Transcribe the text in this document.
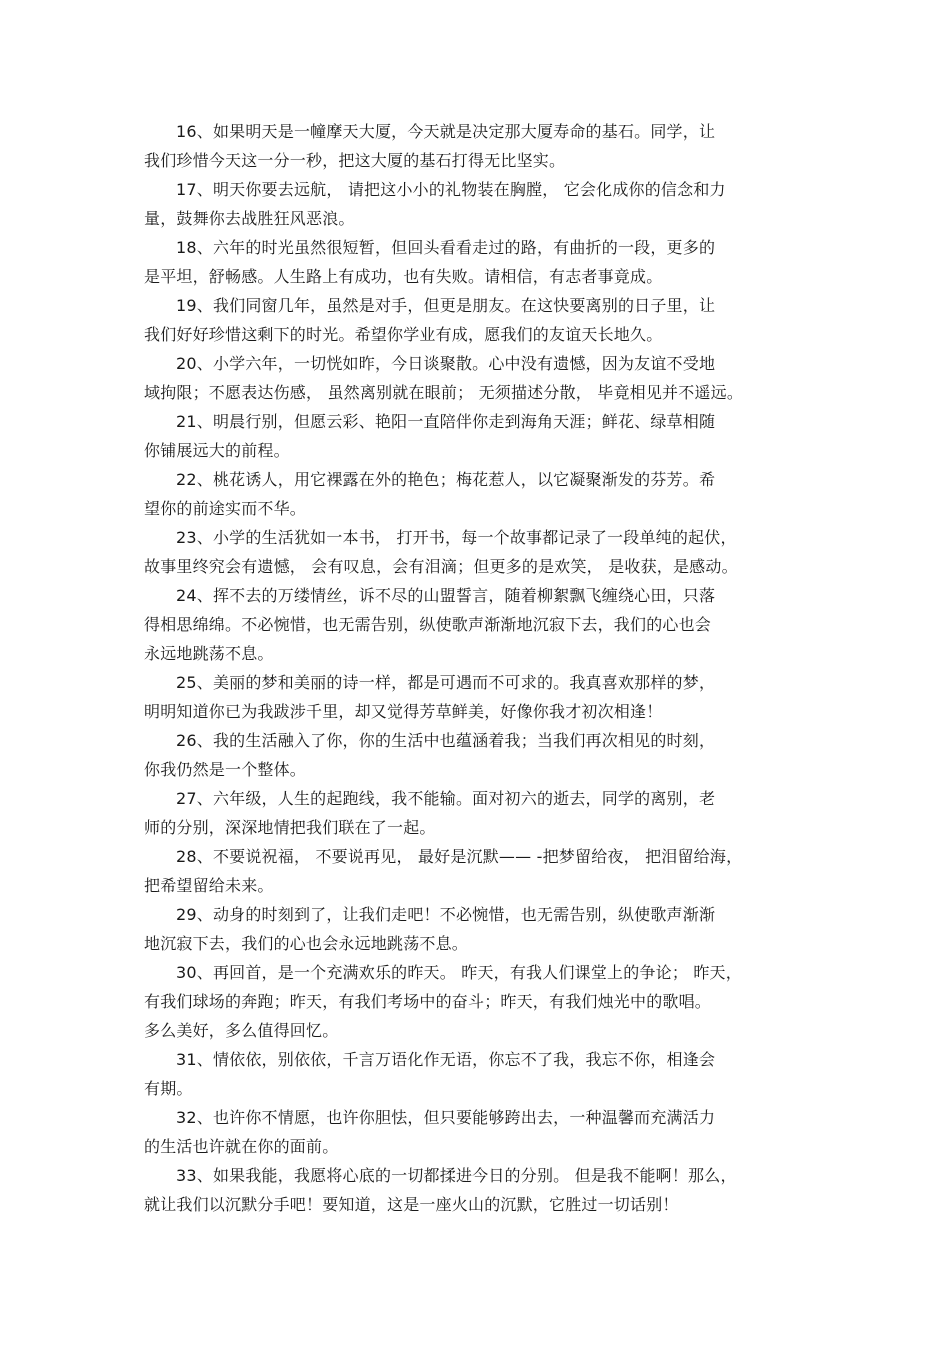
16、如果明天是一幢摩天大厦，今天就是决定那大厦寿命的基石。同学，让
我们珍惜今天这一分一秒，把这大厦的基石打得无比坚实。
17、明天你要去远航， 请把这小小的礼物装在胸膛， 它会化成你的信念和力
量，鼓舞你去战胜狂风恶浪。
18、六年的时光虽然很短暂，但回头看看走过的路，有曲折的一段，更多的
是平坦，舒畅感。人生路上有成功，也有失败。请相信，有志者事竟成。
19、我们同窗几年，虽然是对手，但更是朋友。在这快要离别的日子里，让
我们好好珍惜这剩下的时光。希望你学业有成，愿我们的友谊天长地久。
20、小学六年，一切恍如昨，今日谈聚散。心中没有遗憾，因为友谊不受地
域拘限；不愿表达伤感， 虽然离别就在眼前； 无须描述分散， 毕竟相见并不遥远。
21、明晨行别，但愿云彩、艳阳一直陪伴你走到海角天涯；鲜花、绿草相随
你铺展远大的前程。
22、桃花诱人，用它裸露在外的艳色；梅花惹人，以它凝聚渐发的芬芳。希
望你的前途实而不华。
23、小学的生活犹如一本书， 打开书，每一个故事都记录了一段单纯的起伏，
故事里终究会有遗憾， 会有叹息，会有泪滴；但更多的是欢笑， 是收获，是感动。
24、挥不去的万缕情丝，诉不尽的山盟誓言，随着柳絮飘飞缠绕心田，只落
得相思绵绵。不必惋惜，也无需告别，纵使歌声渐渐地沉寂下去，我们的心也会
永远地跳荡不息。
25、美丽的梦和美丽的诗一样，都是可遇而不可求的。我真喜欢那样的梦，
明明知道你已为我跋涉千里，却又觉得芳草鲜美，好像你我才初次相逢！
26、我的生活融入了你，你的生活中也蕴涵着我；当我们再次相见的时刻，
你我仍然是一个整体。
27、六年级，人生的起跑线，我不能输。面对初六的逝去，同学的离别，老
师的分别，深深地情把我们联在了一起。
28、不要说祝福， 不要说再见， 最好是沉默—— -把梦留给夜， 把泪留给海，
把希望留给未来。
29、动身的时刻到了，让我们走吧！不必惋惜，也无需告别，纵使歌声渐渐
地沉寂下去，我们的心也会永远地跳荡不息。
30、再回首，是一个充满欢乐的昨天。 昨天，有我人们课堂上的争论； 昨天，
有我们球场的奔跑；昨天，有我们考场中的奋斗；昨天，有我们烛光中的歌唱。
多么美好，多么值得回忆。
31、情依依，别依依，千言万语化作无语，你忘不了我，我忘不你，相逢会
有期。
32、也许你不情愿，也许你胆怯，但只要能够跨出去，一种温馨而充满活力
的生活也许就在你的面前。
33、如果我能，我愿将心底的一切都揉进今日的分别。 但是我不能啊！那么，
就让我们以沉默分手吧！要知道，这是一座火山的沉默，它胜过一切话别！
